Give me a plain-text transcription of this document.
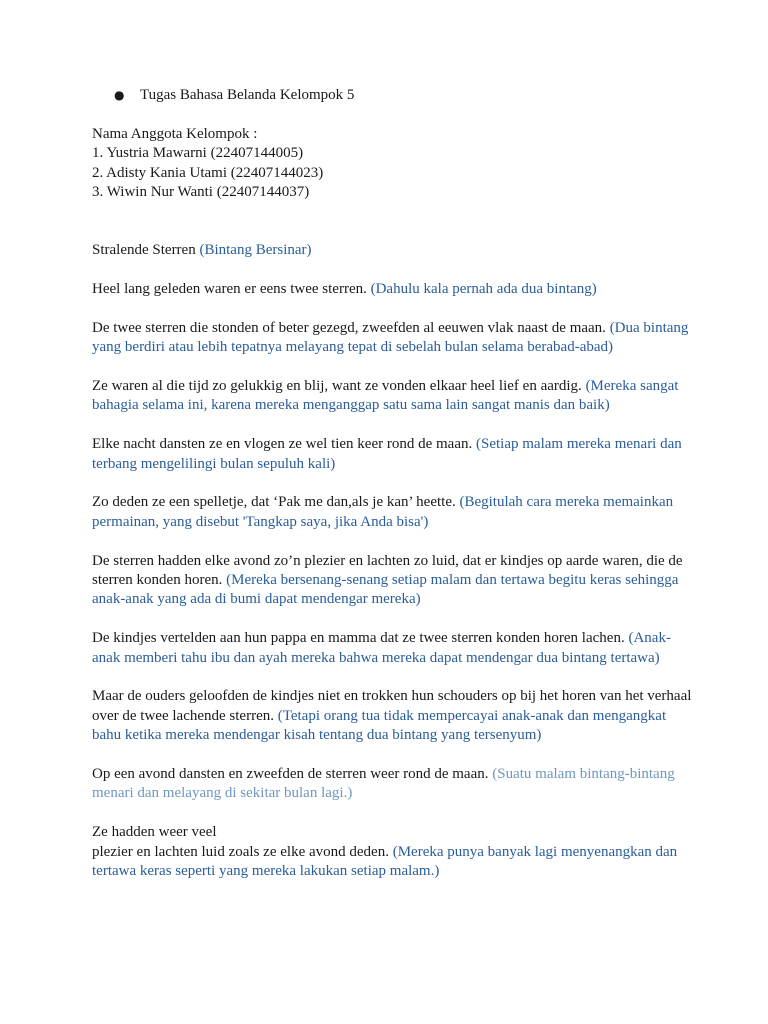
● Tugas Bahasa Belanda Kelompok 5

Nama Anggota Kelompok :

1. Yustria Mawarni (22407144005)

2. Adisty Kania Utami (22407144023)

3. Wiwin Nur Wanti (22407144037)

Stralende Sterren (Bintang Bersinar)

Heel lang geleden waren er eens twee sterren. (Dahulu kala pernah ada dua bintang)

De twee sterren die stonden of beter gezegd, zweefden al eeuwen vlak naast de maan. (Dua bintang yang berdiri atau lebih tepatnya melayang tepat di sebelah bulan selama berabad-abad)

Ze waren al die tijd zo gelukkig en blij, want ze vonden elkaar heel lief en aardig. (Mereka sangat bahagia selama ini, karena mereka menganggap satu sama lain sangat manis dan baik)

Elke nacht dansten ze en vlogen ze wel tien keer rond de maan. (Setiap malam mereka menari dan terbang mengelilingi bulan sepuluh kali)

Zo deden ze een spelletje, dat ‘Pak me dan,als je kan’ heette. (Begitulah cara mereka memainkan permainan, yang disebut 'Tangkap saya, jika Anda bisa')

De sterren hadden elke avond zo’n plezier en lachten zo luid, dat er kindjes op aarde waren, die de sterren konden horen. (Mereka bersenang-senang setiap malam dan tertawa begitu keras sehingga anak-anak yang ada di bumi dapat mendengar mereka)

De kindjes vertelden aan hun pappa en mamma dat ze twee sterren konden horen lachen. (Anak-anak memberi tahu ibu dan ayah mereka bahwa mereka dapat mendengar dua bintang tertawa)

Maar de ouders geloofden de kindjes niet en trokken hun schouders op bij het horen van het verhaal over de twee lachende sterren. (Tetapi orang tua tidak mempercayai anak-anak dan mengangkat bahu ketika mereka mendengar kisah tentang dua bintang yang tersenyum)

Op een avond dansten en zweefden de sterren weer rond de maan. (Suatu malam bintang-bintang menari dan melayang di sekitar bulan lagi.)

Ze hadden weer veel
plezier en lachten luid zoals ze elke avond deden. (Mereka punya banyak lagi menyenangkan dan tertawa keras seperti yang mereka lakukan setiap malam.)
